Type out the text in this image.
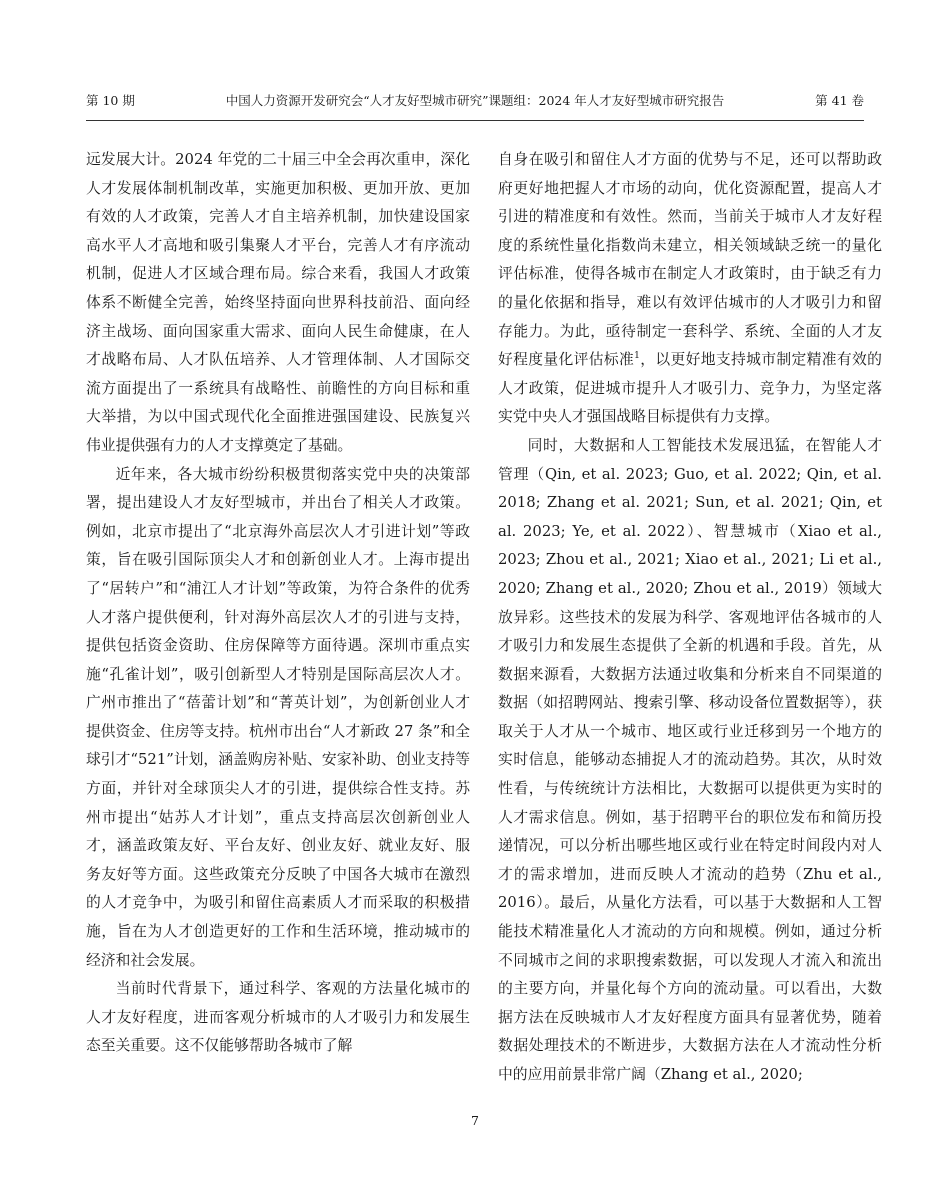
第 10 期	中国人力资源开发研究会“人才友好型城市研究”课题组：2024 年人才友好型城市研究报告	第 41 卷

远发展大计。2024 年党的二十届三中全会再次重申，深化人才发展体制机制改革，实施更加积极、更加开放、更加有效的人才政策，完善人才自主培养机制，加快建设国家高水平人才高地和吸引集聚人才平台，完善人才有序流动机制，促进人才区域合理布局。综合来看，我国人才政策体系不断健全完善，始终坚持面向世界科技前沿、面向经济主战场、面向国家重大需求、面向人民生命健康，在人才战略布局、人才队伍培养、人才管理体制、人才国际交流方面提出了一系统具有战略性、前瞻性的方向目标和重大举措，为以中国式现代化全面推进强国建设、民族复兴伟业提供强有力的人才支撑奠定了基础。

近年来，各大城市纷纷积极贯彻落实党中央的决策部署，提出建设人才友好型城市，并出台了相关人才政策。例如，北京市提出了“北京海外高层次人才引进计划”等政策，旨在吸引国际顶尖人才和创新创业人才。上海市提出了“居转户”和“浦江人才计划”等政策，为符合条件的优秀人才落户提供便利，针对海外高层次人才的引进与支持，提供包括资金资助、住房保障等方面待遇。深圳市重点实施“孔雀计划”，吸引创新型人才特别是国际高层次人才。广州市推出了“蓓蕾计划”和“菁英计划”，为创新创业人才提供资金、住房等支持。杭州市出台“人才新政 27 条”和全球引才“521”计划，涵盖购房补贴、安家补助、创业支持等方面，并针对全球顶尖人才的引进，提供综合性支持。苏州市提出“姑苏人才计划”，重点支持高层次创新创业人才，涵盖政策友好、平台友好、创业友好、就业友好、服务友好等方面。这些政策充分反映了中国各大城市在激烈的人才竞争中，为吸引和留住高素质人才而采取的积极措施，旨在为人才创造更好的工作和生活环境，推动城市的经济和社会发展。

当前时代背景下，通过科学、客观的方法量化城市的人才友好程度，进而客观分析城市的人才吸引力和发展生态至关重要。这不仅能够帮助各城市了解

自身在吸引和留住人才方面的优势与不足，还可以帮助政府更好地把握人才市场的动向，优化资源配置，提高人才引进的精准度和有效性。然而，当前关于城市人才友好程度的系统性量化指数尚未建立，相关领域缺乏统一的量化评估标准，使得各城市在制定人才政策时，由于缺乏有力的量化依据和指导，难以有效评估城市的人才吸引力和留存能力。为此，亟待制定一套科学、系统、全面的人才友好程度量化评估标准$^1$，以更好地支持城市制定精准有效的人才政策，促进城市提升人才吸引力、竞争力，为坚定落实党中央人才强国战略目标提供有力支撑。

同时，大数据和人工智能技术发展迅猛，在智能人才管理（Qin, et al. 2023; Guo, et al. 2022; Qin, et al. 2018; Zhang et al. 2021; Sun, et al. 2021; Qin, et al. 2023; Ye, et al. 2022）、智慧城市（Xiao et al., 2023; Zhou et al., 2021; Xiao et al., 2021; Li et al., 2020; Zhang et al., 2020; Zhou et al., 2019）领域大放异彩。这些技术的发展为科学、客观地评估各城市的人才吸引力和发展生态提供了全新的机遇和手段。首先，从数据来源看，大数据方法通过收集和分析来自不同渠道的数据（如招聘网站、搜索引擎、移动设备位置数据等），获取关于人才从一个城市、地区或行业迁移到另一个地方的实时信息，能够动态捕捉人才的流动趋势。其次，从时效性看，与传统统计方法相比，大数据可以提供更为实时的人才需求信息。例如，基于招聘平台的职位发布和简历投递情况，可以分析出哪些地区或行业在特定时间段内对人才的需求增加，进而反映人才流动的趋势（Zhu et al., 2016）。最后，从量化方法看，可以基于大数据和人工智能技术精准量化人才流动的方向和规模。例如，通过分析不同城市之间的求职搜索数据，可以发现人才流入和流出的主要方向，并量化每个方向的流动量。可以看出，大数据方法在反映城市人才友好程度方面具有显著优势，随着数据处理技术的不断进步，大数据方法在人才流动性分析中的应用前景非常广阔（Zhang et al., 2020;

7
